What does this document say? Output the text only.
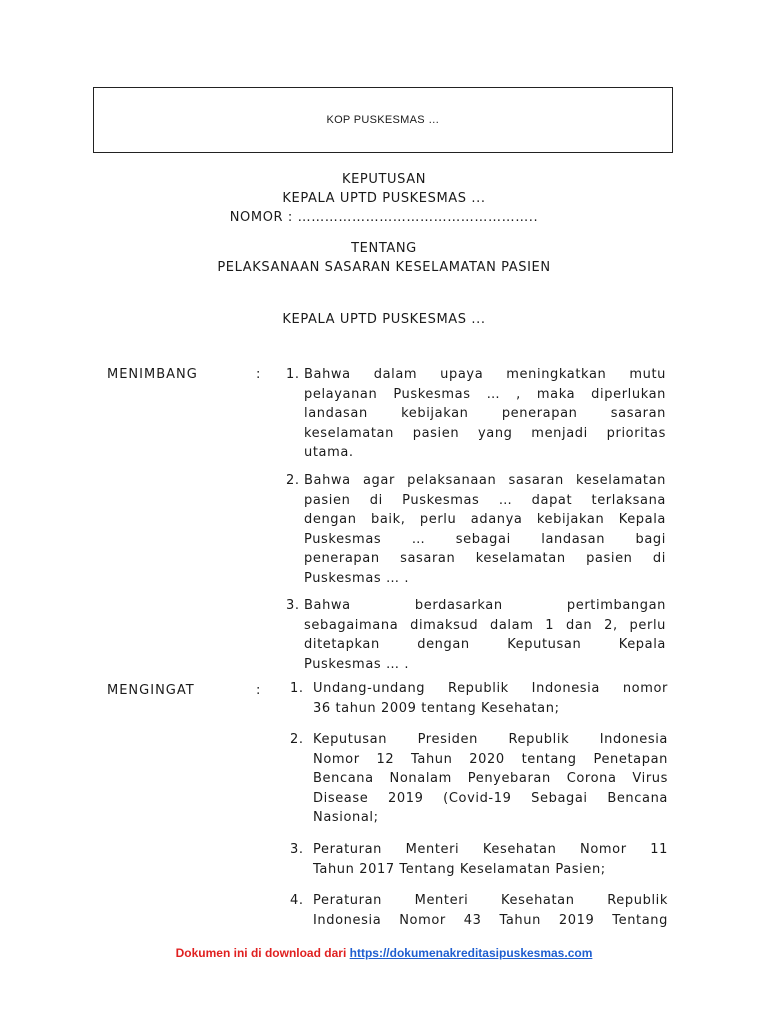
KOP PUSKESMAS …
KEPUTUSAN
KEPALA UPTD PUSKESMAS ...
NOMOR : ……………………………………………..
TENTANG
PELAKSANAAN SASARAN KESELAMATAN PASIEN
KEPALA UPTD PUSKESMAS ...
MENIMBANG	: 1. Bahwa dalam upaya meningkatkan mutu
pelayanan Puskesmas … , maka diperlukan
landasan kebijakan penerapan sasaran
keselamatan pasien yang menjadi prioritas
utama.
2. Bahwa agar pelaksanaan sasaran keselamatan
pasien di Puskesmas … dapat terlaksana
dengan baik, perlu adanya kebijakan Kepala
Puskesmas … sebagai landasan bagi
penerapan sasaran keselamatan pasien di
Puskesmas … .
3. Bahwa berdasarkan pertimbangan
sebagaimana dimaksud dalam 1 dan 2, perlu
ditetapkan dengan Keputusan Kepala
Puskesmas … .
MENGINGAT	: 1. Undang-undang Republik Indonesia nomor
36 tahun 2009 tentang Kesehatan;
2. Keputusan Presiden Republik Indonesia
Nomor 12 Tahun 2020 tentang Penetapan
Bencana Nonalam Penyebaran Corona Virus
Disease 2019 (Covid-19 Sebagai Bencana
Nasional;
3. Peraturan Menteri Kesehatan Nomor 11
Tahun 2017 Tentang Keselamatan Pasien;
4. Peraturan Menteri Kesehatan Republik
Indonesia Nomor 43 Tahun 2019 Tentang
Dokumen ini di download dari https://dokumenakreditasipuskesmas.com
